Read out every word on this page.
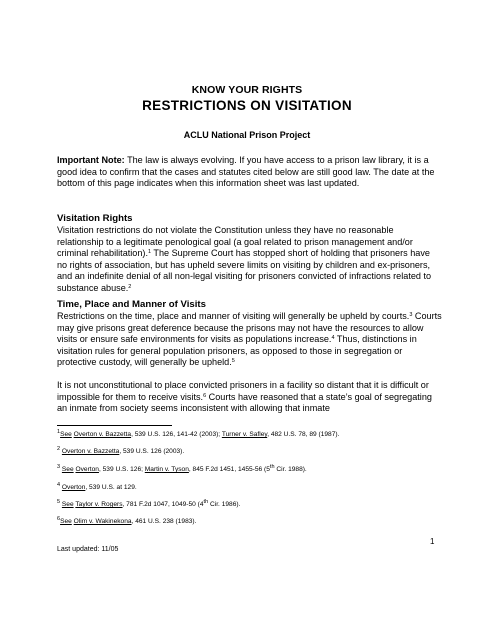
KNOW YOUR RIGHTS
RESTRICTIONS ON VISITATION
ACLU National Prison Project

Important Note: The law is always evolving. If you have access to a prison law library, it is a good idea to confirm that the cases and statutes cited below are still good law. The date at the bottom of this page indicates when this information sheet was last updated.

Visitation Rights

Visitation restrictions do not violate the Constitution unless they have no reasonable relationship to a legitimate penological goal (a goal related to prison management and/or criminal rehabilitation).$^1$ The Supreme Court has stopped short of holding that prisoners have no rights of association, but has upheld severe limits on visiting by children and ex-prisoners, and an indefinite denial of all non-legal visiting for prisoners convicted of infractions related to substance abuse.$^2$

Time, Place and Manner of Visits

Restrictions on the time, place and manner of visiting will generally be upheld by courts.$^3$ Courts may give prisons great deference because the prisons may not have the resources to allow visits or ensure safe environments for visits as populations increase.$^4$ Thus, distinctions in visitation rules for general population prisoners, as opposed to those in segregation or protective custody, will generally be upheld.$^5$

It is not unconstitutional to place convicted prisoners in a facility so distant that it is difficult or impossible for them to receive visits.$^6$ Courts have reasoned that a state’s goal of segregating an inmate from society seems inconsistent with allowing that inmate

$^1$See Overton v. Bazzetta, 539 U.S. 126, 141-42 (2003); Turner v. Safley, 482 U.S. 78, 89 (1987).
$^2$ Overton v. Bazzetta, 539 U.S. 126 (2003).
$^3$ See Overton, 539 U.S. 126; Martin v. Tyson, 845 F.2d 1451, 1455-56 (5th Cir. 1988).
$^4$ Overton, 539 U.S. at 129.
$^5$ See Taylor v. Rogers, 781 F.2d 1047, 1049-50 (4th Cir. 1986).
$^6$See Olim v. Wakinekona, 461 U.S. 238 (1983).
1
Last updated: 11/05
